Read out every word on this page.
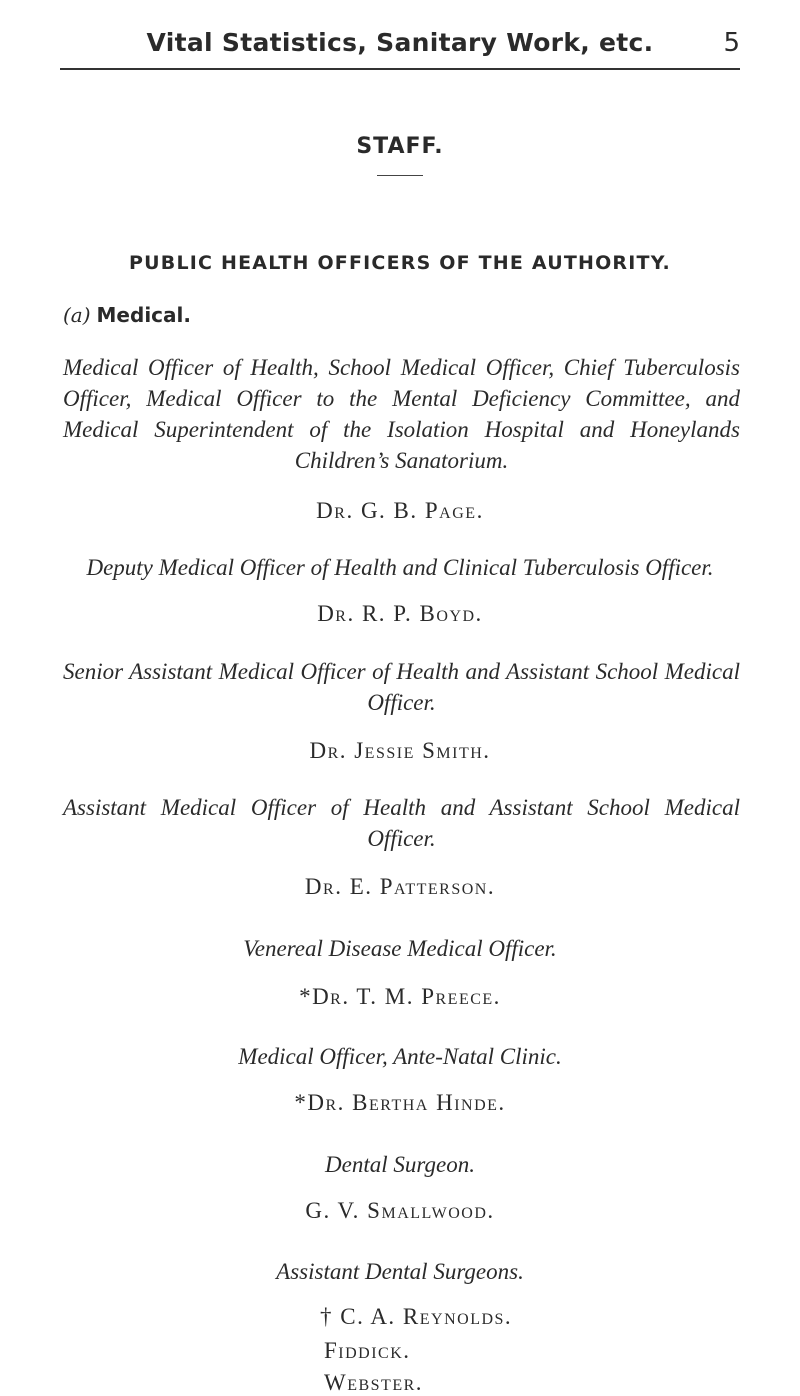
Vital Statistics, Sanitary Work, etc.	5
STAFF.
PUBLIC HEALTH OFFICERS OF THE AUTHORITY.
(a) Medical.
Medical Officer of Health, School Medical Officer, Chief Tuberculosis Officer, Medical Officer to the Mental Deficiency Committee, and Medical Superintendent of the Isolation Hospital and Honeylands Children’s Sanatorium.
Dr. G. B. Page.
Deputy Medical Officer of Health and Clinical Tuberculosis Officer.
Dr. R. P. Boyd.
Senior Assistant Medical Officer of Health and Assistant School Medical Officer.
Dr. Jessie Smith.
Assistant Medical Officer of Health and Assistant School Medical Officer.
Dr. E. Patterson.
Venereal Disease Medical Officer.
*Dr. T. M. Preece.
Medical Officer, Ante-Natal Clinic.
*Dr. Bertha Hinde.
Dental Surgeon.
G. V. Smallwood.
Assistant Dental Surgeons.
† C. A. Reynolds.
Fiddick.
Webster.
